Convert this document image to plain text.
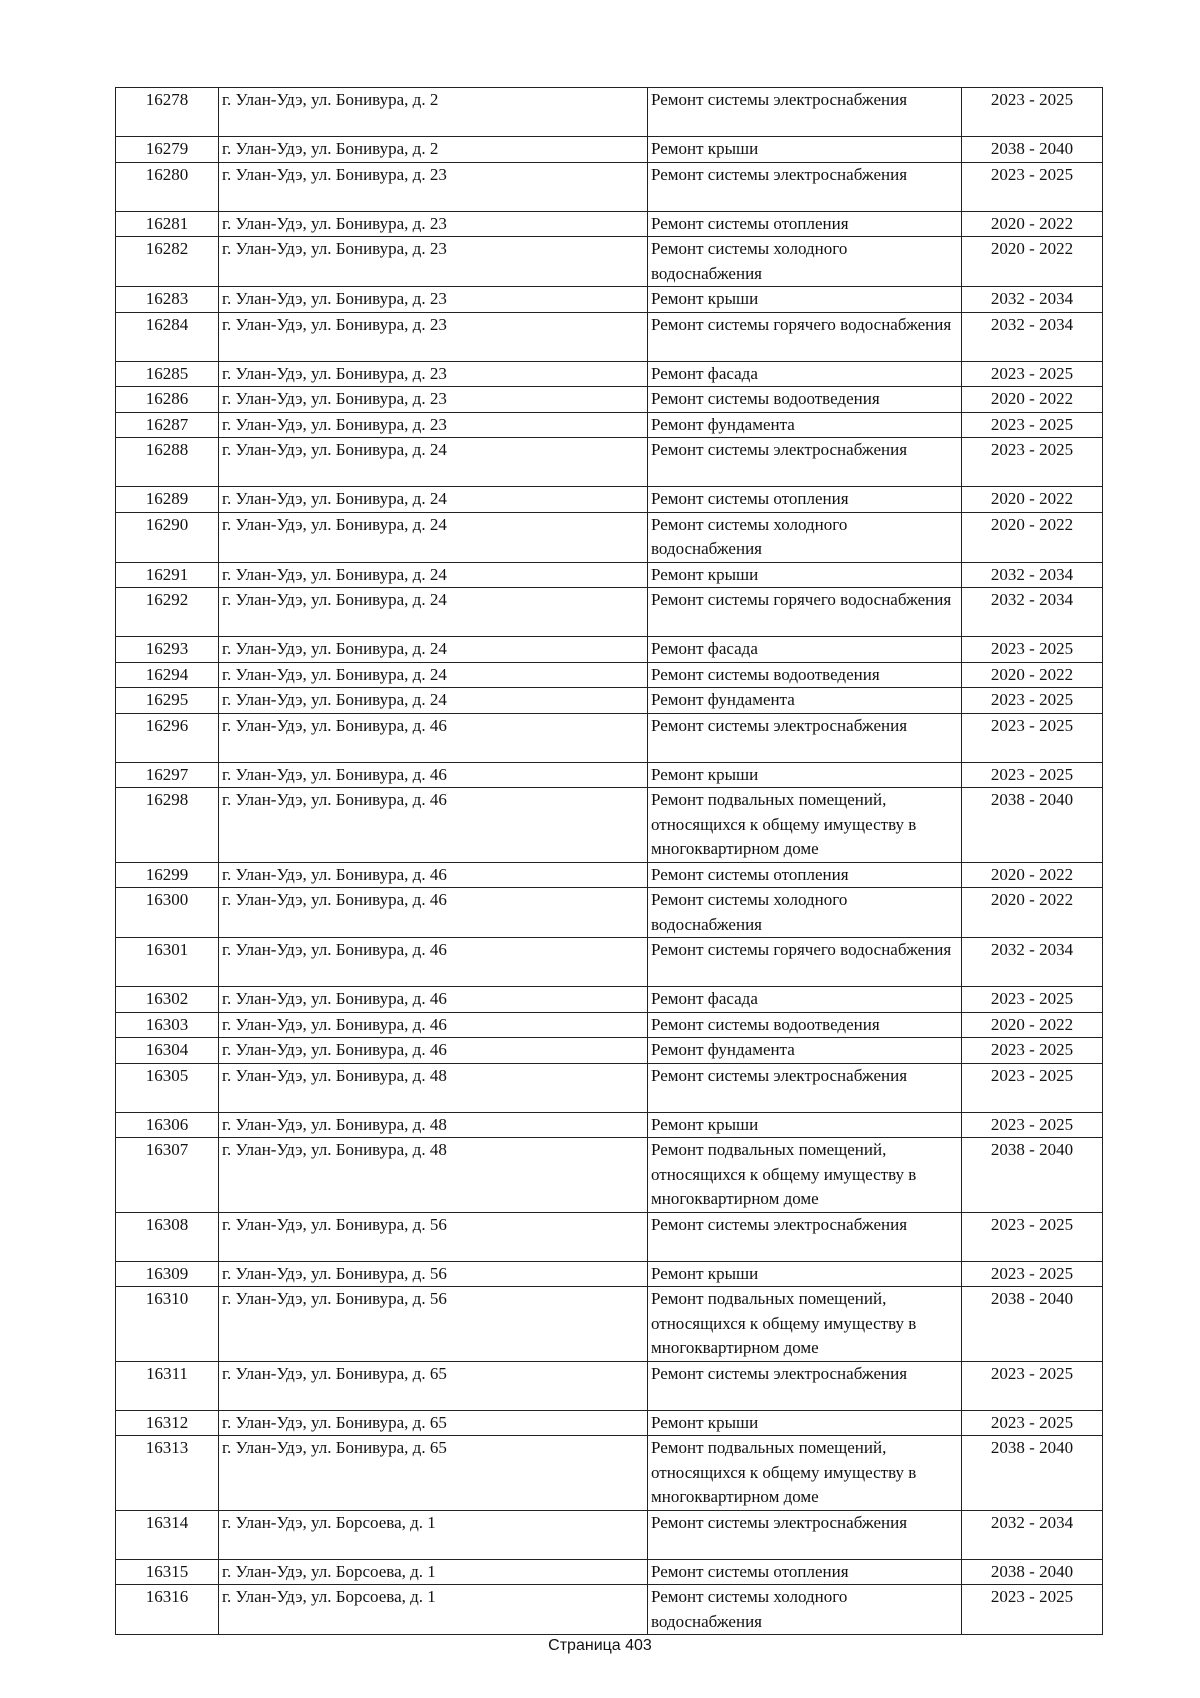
16278	г. Улан-Удэ, ул. Бонивура, д. 2	Ремонт системы электроснабжения	2023 - 2025
16279	г. Улан-Удэ, ул. Бонивура, д. 2	Ремонт крыши	2038 - 2040
16280	г. Улан-Удэ, ул. Бонивура, д. 23	Ремонт системы электроснабжения	2023 - 2025
16281	г. Улан-Удэ, ул. Бонивура, д. 23	Ремонт системы отопления	2020 - 2022
16282	г. Улан-Удэ, ул. Бонивура, д. 23	Ремонт системы холодного водоснабжения	2020 - 2022
16283	г. Улан-Удэ, ул. Бонивура, д. 23	Ремонт крыши	2032 - 2034
16284	г. Улан-Удэ, ул. Бонивура, д. 23	Ремонт системы горячего водоснабжения	2032 - 2034
16285	г. Улан-Удэ, ул. Бонивура, д. 23	Ремонт фасада	2023 - 2025
16286	г. Улан-Удэ, ул. Бонивура, д. 23	Ремонт системы водоотведения	2020 - 2022
16287	г. Улан-Удэ, ул. Бонивура, д. 23	Ремонт фундамента	2023 - 2025
16288	г. Улан-Удэ, ул. Бонивура, д. 24	Ремонт системы электроснабжения	2023 - 2025
16289	г. Улан-Удэ, ул. Бонивура, д. 24	Ремонт системы отопления	2020 - 2022
16290	г. Улан-Удэ, ул. Бонивура, д. 24	Ремонт системы холодного водоснабжения	2020 - 2022
16291	г. Улан-Удэ, ул. Бонивура, д. 24	Ремонт крыши	2032 - 2034
16292	г. Улан-Удэ, ул. Бонивура, д. 24	Ремонт системы горячего водоснабжения	2032 - 2034
16293	г. Улан-Удэ, ул. Бонивура, д. 24	Ремонт фасада	2023 - 2025
16294	г. Улан-Удэ, ул. Бонивура, д. 24	Ремонт системы водоотведения	2020 - 2022
16295	г. Улан-Удэ, ул. Бонивура, д. 24	Ремонт фундамента	2023 - 2025
16296	г. Улан-Удэ, ул. Бонивура, д. 46	Ремонт системы электроснабжения	2023 - 2025
16297	г. Улан-Удэ, ул. Бонивура, д. 46	Ремонт крыши	2023 - 2025
16298	г. Улан-Удэ, ул. Бонивура, д. 46	Ремонт подвальных помещений, относящихся к общему имуществу в многоквартирном доме	2038 - 2040
16299	г. Улан-Удэ, ул. Бонивура, д. 46	Ремонт системы отопления	2020 - 2022
16300	г. Улан-Удэ, ул. Бонивура, д. 46	Ремонт системы холодного водоснабжения	2020 - 2022
16301	г. Улан-Удэ, ул. Бонивура, д. 46	Ремонт системы горячего водоснабжения	2032 - 2034
16302	г. Улан-Удэ, ул. Бонивура, д. 46	Ремонт фасада	2023 - 2025
16303	г. Улан-Удэ, ул. Бонивура, д. 46	Ремонт системы водоотведения	2020 - 2022
16304	г. Улан-Удэ, ул. Бонивура, д. 46	Ремонт фундамента	2023 - 2025
16305	г. Улан-Удэ, ул. Бонивура, д. 48	Ремонт системы электроснабжения	2023 - 2025
16306	г. Улан-Удэ, ул. Бонивура, д. 48	Ремонт крыши	2023 - 2025
16307	г. Улан-Удэ, ул. Бонивура, д. 48	Ремонт подвальных помещений, относящихся к общему имуществу в многоквартирном доме	2038 - 2040
16308	г. Улан-Удэ, ул. Бонивура, д. 56	Ремонт системы электроснабжения	2023 - 2025
16309	г. Улан-Удэ, ул. Бонивура, д. 56	Ремонт крыши	2023 - 2025
16310	г. Улан-Удэ, ул. Бонивура, д. 56	Ремонт подвальных помещений, относящихся к общему имуществу в многоквартирном доме	2038 - 2040
16311	г. Улан-Удэ, ул. Бонивура, д. 65	Ремонт системы электроснабжения	2023 - 2025
16312	г. Улан-Удэ, ул. Бонивура, д. 65	Ремонт крыши	2023 - 2025
16313	г. Улан-Удэ, ул. Бонивура, д. 65	Ремонт подвальных помещений, относящихся к общему имуществу в многоквартирном доме	2038 - 2040
16314	г. Улан-Удэ, ул. Борсоева, д. 1	Ремонт системы электроснабжения	2032 - 2034
16315	г. Улан-Удэ, ул. Борсоева, д. 1	Ремонт системы отопления	2038 - 2040
16316	г. Улан-Удэ, ул. Борсоева, д. 1	Ремонт системы холодного водоснабжения	2023 - 2025
Страница 403
